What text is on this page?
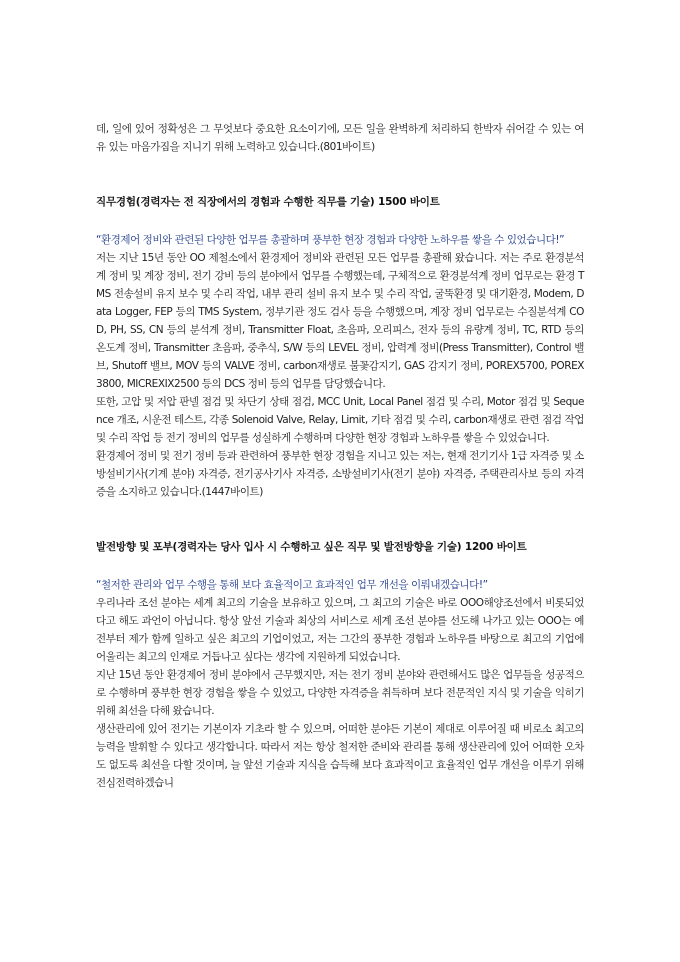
데, 일에 있어 정확성은 그 무엇보다 중요한 요소이기에, 모든 일을 완벽하게 처리하되 한박자 쉬어갈 수 있는 여유 있는 마음가짐을 지니기 위해 노력하고 있습니다.(801바이트)

직무경험(경력자는 전 직장에서의 경험과 수행한 직무를 기술) 1500 바이트

“환경제어 정비와 관련된 다양한 업무를 총괄하며 풍부한 현장 경험과 다양한 노하우를 쌓을 수 있었습니다!”

저는 지난 15년 동안 OO 제철소에서 환경제어 정비와 관련된 모든 업무를 총괄해 왔습니다. 저는 주로 환경분석계 정비 및 계장 정비, 전기 강비 등의 분야에서 업무를 수행했는데, 구체적으로 환경분석계 정비 업무로는 환경 TMS 전송설비 유지 보수 및 수리 작업, 내부 관리 설비 유지 보수 및 수리 작업, 굴뚝환경 및 대기환경, Modem, Data Logger, FEP 등의 TMS System, 정부기관 정도 검사 등을 수행했으며, 계장 정비 업무로는 수질분석계 COD, PH, SS, CN 등의 분석계 정비, Transmitter Float, 초음파, 오리피스, 전자 등의 유량계 정비, TC, RTD 등의 온도계 정비, Transmitter 초음파, 중추식, S/W 등의 LEVEL 정비, 압력계 정비(Press Transmitter), Control 밸브, Shutoff 밸브, MOV 등의 VALVE 정비, carbon재생로 불꽃감지기, GAS 감지기 정비, POREX5700, POREX3800, MICREXIX2500 등의 DCS 정비 등의 업무를 담당했습니다.

또한, 고압 및 저압 판넬 점검 및 차단기 상태 점검, MCC Unit, Local Panel 점검 및 수리, Motor 점검 및 Sequence 개조, 시운전 테스트, 각종 Solenoid Valve, Relay, Limit, 기타 점검 및 수리, carbon재생로 관련 점검 작업 및 수리 작업 등 전기 정비의 업무를 성실하게 수행하며 다양한 현장 경험과 노하우를 쌓을 수 있었습니다.

환경제어 정비 및 전기 정비 등과 관련하여 풍부한 현장 경험을 지니고 있는 저는, 현재 전기기사 1급 자격증 및 소방설비기사(기계 분야) 자격증, 전기공사기사 자격증, 소방설비기사(전기 분야) 자격증, 주택관리사보 등의 자격증을 소지하고 있습니다.(1447바이트)

발전방향 및 포부(경력자는 당사 입사 시 수행하고 싶은 직무 및 발전방향을 기술) 1200 바이트

“철저한 관리와 업무 수행을 통해 보다 효율적이고 효과적인 업무 개선을 이뤄내겠습니다!”

우리나라 조선 분야는 세계 최고의 기술을 보유하고 있으며, 그 최고의 기술은 바로 OOO해양조선에서 비롯되었다고 해도 과언이 아닙니다. 항상 앞선 기술과 최상의 서비스로 세계 조선 분야를 선도해 나가고 있는 OOO는 예전부터 제가 함께 일하고 싶은 최고의 기업이었고, 저는 그간의 풍부한 경험과 노하우를 바탕으로 최고의 기업에 어울리는 최고의 인재로 거듭나고 싶다는 생각에 지원하게 되었습니다.

지난 15년 동안 환경제어 정비 분야에서 근무했지만, 저는 전기 정비 분야와 관련해서도 많은 업무들을 성공적으로 수행하며 풍부한 현장 경험을 쌓을 수 있었고, 다양한 자격증을 취득하며 보다 전문적인 지식 및 기술을 익히기 위해 최선을 다해 왔습니다.

생산관리에 있어 전기는 기본이자 기초라 할 수 있으며, 어떠한 분야든 기본이 제대로 이루어질 때 비로소 최고의 능력을 발휘할 수 있다고 생각합니다. 따라서 저는 항상 철저한 준비와 관리를 통해 생산관리에 있어 어떠한 오차도 없도록 최선을 다할 것이며, 늘 앞선 기술과 지식을 습득해 보다 효과적이고 효율적인 업무 개선을 이루기 위해 전심전력하겠습니
